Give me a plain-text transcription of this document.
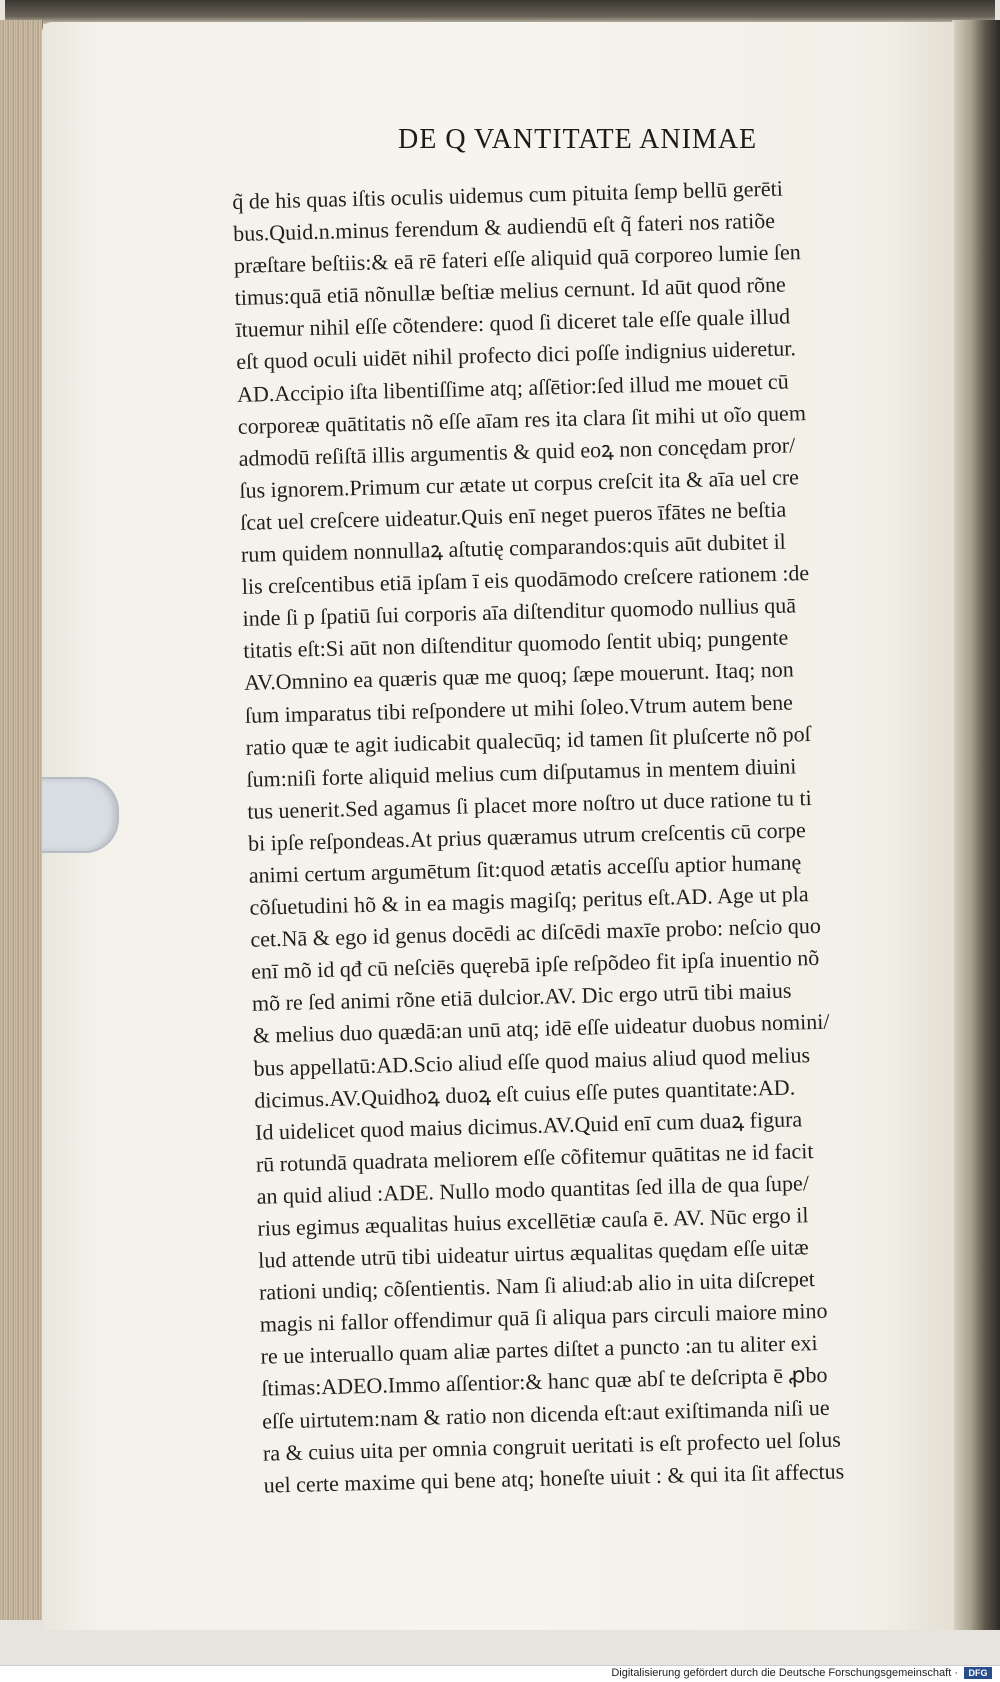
DE Q VANTITATE ANIMAE
q̃ de his quas iſtis oculis uidemus cum pituita ſemp bellū gerēti
bus.Quid.n.minus ferendum & audiendū eſt q̃ fateri nos ratiõe
præſtare beſtiis:& eā rē fateri eſſe aliquid quā corporeo lumie ſen
timus:quā etiā nõnullæ beſtiæ melius cernunt. Id aūt quod rõne
ītuemur nihil eſſe cõtendere: quod ſi diceret tale eſſe quale illud
eſt quod oculi uidēt nihil profecto dici poſſe indignius uideretur.
AD.Accipio iſta libentiſſime atq; aſſētior:ſed illud me mouet cū
corporeæ quātitatis nõ eſſe aīam res ita clara ſit mihi ut oĩo quem
admodū reſiſtā illis argumentis & quid eoꝝ non concędam pror/
ſus ignorem.Primum cur ætate ut corpus creſcit ita & aīa uel cre
ſcat uel creſcere uideatur.Quis enī neget pueros īfātes ne beſtia
rum quidem nonnullaꝝ aſtutię comparandos:quis aūt dubitet il
lis creſcentibus etiā ipſam ī eis quodāmodo creſcere rationem :de
inde ſi p ſpatiū ſui corporis aīa diſtenditur quomodo nullius quā
titatis eſt:Si aūt non diſtenditur quomodo ſentit ubiq; pungente
AV.Omnino ea quæris quæ me quoq; ſæpe mouerunt. Itaq; non
ſum imparatus tibi reſpondere ut mihi ſoleo.Vtrum autem bene
ratio quæ te agit iudicabit qualecūq; id tamen ſit pluſcerte nõ poſ
ſum:niſi forte aliquid melius cum diſputamus in mentem diuini
tus uenerit.Sed agamus ſi placet more noſtro ut duce ratione tu ti
bi ipſe reſpondeas.At prius quæramus utrum creſcentis cū corpe
animi certum argumētum ſit:quod ætatis acceſſu aptior humanę
cõſuetudini hõ & in ea magis magiſq; peritus eſt.AD. Age ut pla
cet.Nā & ego id genus docēdi ac diſcēdi maxīe probo: neſcio quo
enī mõ id qđ cū neſciēs quęrebā ipſe reſpõdeo fit ipſa inuentio nõ
mõ re ſed animi rõne etiā dulcior.AV. Dic ergo utrū tibi maius
& melius duo quædā:an unū atq; idē eſſe uideatur duobus nomini/
bus appellatū:AD.Scio aliud eſſe quod maius aliud quod melius
dicimus.AV.Quidhoꝝ duoꝝ eſt cuius eſſe putes quantitate:AD.
Id uidelicet quod maius dicimus.AV.Quid enī cum duaꝝ figura
rū rotundā quadrata meliorem eſſe cõfitemur quātitas ne id facit
an quid aliud :ADE. Nullo modo quantitas ſed illa de qua ſupe/
rius egimus æqualitas huius excellētiæ cauſa ē. AV. Nūc ergo il
lud attende utrū tibi uideatur uirtus æqualitas quędam eſſe uitæ
rationi undiq; cõſentientis. Nam ſi aliud:ab alio in uita diſcrepet
magis ni fallor offendimur quā ſi aliqua pars circuli maiore mino
re ue interuallo quam aliæ partes diſtet a puncto :an tu aliter exi
ſtimas:ADEO.Immo aſſentior:& hanc quæ abſ te deſcripta ē ꝓbo
eſſe uirtutem:nam & ratio non dicenda eſt:aut exiſtimanda niſi ue
ra & cuius uita per omnia congruit ueritati is eſt profecto uel ſolus
uel certe maxime qui bene atq; honeſte uiuit : & qui ita ſit affectus
Digitalisierung gefördert durch die Deutsche Forschungsgemeinschaft ·	DFG
